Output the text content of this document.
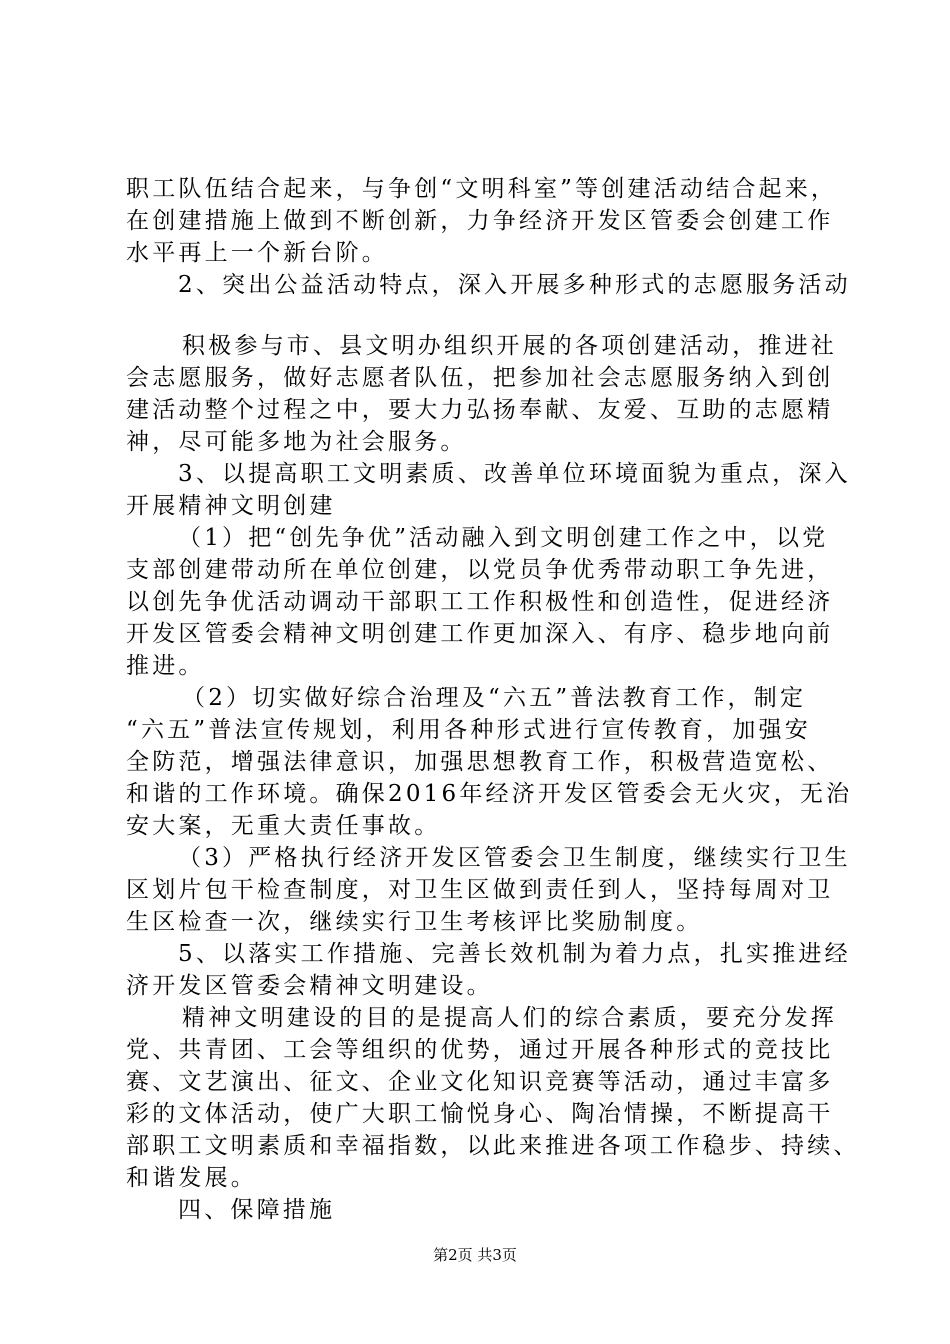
职工队伍结合起来，与争创“文明科室”等创建活动结合起来，
在创建措施上做到不断创新，力争经济开发区管委会创建工作
水平再上一个新台阶。
2、突出公益活动特点，深入开展多种形式的志愿服务活动
积极参与市、县文明办组织开展的各项创建活动，推进社
会志愿服务，做好志愿者队伍，把参加社会志愿服务纳入到创
建活动整个过程之中，要大力弘扬奉献、友爱、互助的志愿精
神，尽可能多地为社会服务。
3、以提高职工文明素质、改善单位环境面貌为重点，深入
开展精神文明创建
（1）把“创先争优”活动融入到文明创建工作之中，以党
支部创建带动所在单位创建，以党员争优秀带动职工争先进，
以创先争优活动调动干部职工工作积极性和创造性，促进经济
开发区管委会精神文明创建工作更加深入、有序、稳步地向前
推进。
（2）切实做好综合治理及“六五”普法教育工作，制定
“六五”普法宣传规划，利用各种形式进行宣传教育，加强安
全防范，增强法律意识，加强思想教育工作，积极营造宽松、
和谐的工作环境。确保2016年经济开发区管委会无火灾，无治
安大案，无重大责任事故。
（3）严格执行经济开发区管委会卫生制度，继续实行卫生
区划片包干检查制度，对卫生区做到责任到人，坚持每周对卫
生区检查一次，继续实行卫生考核评比奖励制度。
5、以落实工作措施、完善长效机制为着力点，扎实推进经
济开发区管委会精神文明建设。
精神文明建设的目的是提高人们的综合素质，要充分发挥
党、共青团、工会等组织的优势，通过开展各种形式的竞技比
赛、文艺演出、征文、企业文化知识竞赛等活动，通过丰富多
彩的文体活动，使广大职工愉悦身心、陶冶情操，不断提高干
部职工文明素质和幸福指数，以此来推进各项工作稳步、持续、
和谐发展。
四、保障措施
第2页 共3页
